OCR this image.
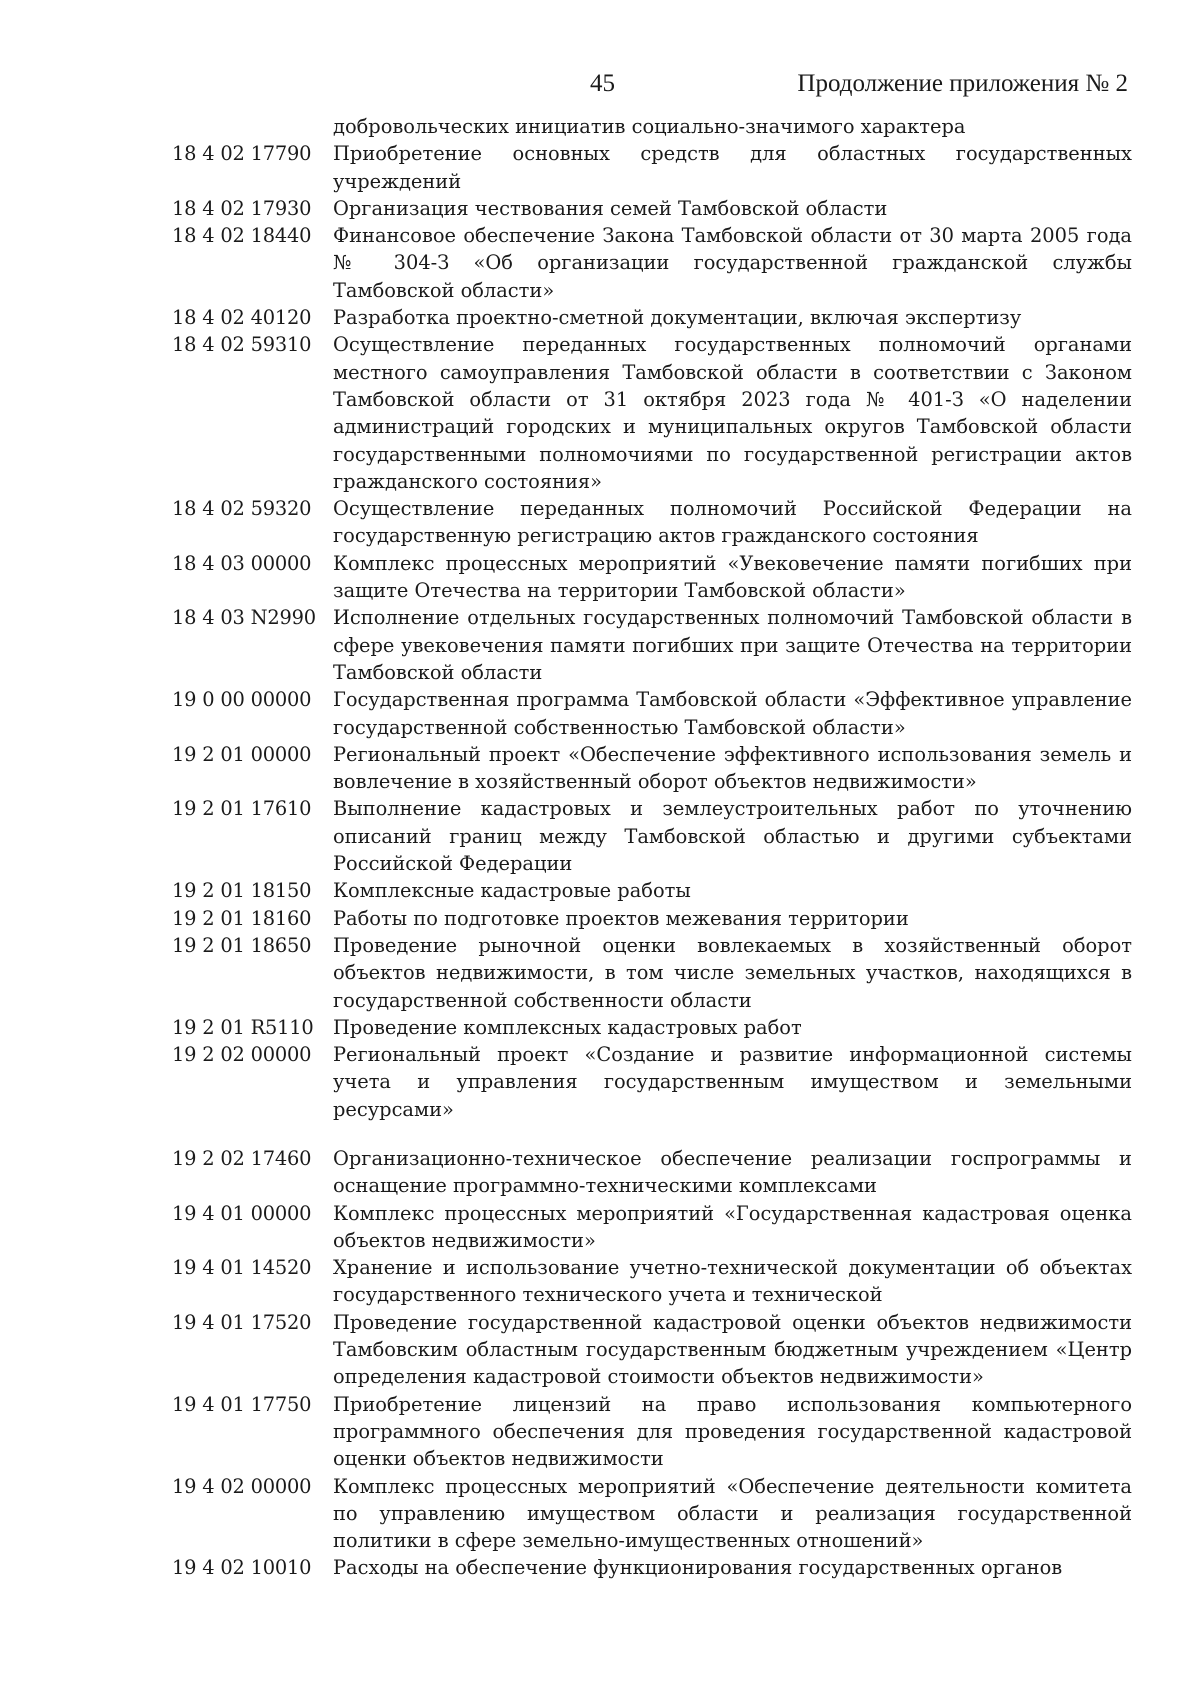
45	Продолжение приложения № 2
добровольческих инициатив социально-значимого характера
18 4 02 17790	Приобретение основных средств для областных государственных учреждений
18 4 02 17930	Организация чествования семей Тамбовской области
18 4 02 18440	Финансовое обеспечение Закона Тамбовской области от 30 марта 2005 года № 304-З «Об организации государственной гражданской службы Тамбовской области»
18 4 02 40120	Разработка проектно-сметной документации, включая экспертизу
18 4 02 59310	Осуществление переданных государственных полномочий органами местного самоуправления Тамбовской области в соответствии с Законом Тамбовской области от 31 октября 2023 года № 401-З «О наделении администраций городских и муниципальных округов Тамбовской области государственными полномочиями по государственной регистрации актов гражданского состояния»
18 4 02 59320	Осуществление переданных полномочий Российской Федерации на государственную регистрацию актов гражданского состояния
18 4 03 00000	Комплекс процессных мероприятий «Увековечение памяти погибших при защите Отечества на территории Тамбовской области»
18 4 03 N2990 Исполнение отдельных государственных полномочий Тамбовской области в сфере увековечения памяти погибших при защите Отечества на территории Тамбовской области
19 0 00 00000	Государственная программа Тамбовской области «Эффективное управление государственной собственностью Тамбовской области»
19 2 01 00000	Региональный проект «Обеспечение эффективного использования земель и вовлечение в хозяйственный оборот объектов недвижимости»
19 2 01 17610	Выполнение кадастровых и землеустроительных работ по уточнению описаний границ между Тамбовской областью и другими субъектами Российской Федерации
19 2 01 18150	Комплексные кадастровые работы
19 2 01 18160	Работы по подготовке проектов межевания территории
19 2 01 18650	Проведение рыночной оценки вовлекаемых в хозяйственный оборот объектов недвижимости, в том числе земельных участков, находящихся в государственной собственности области
19 2 01 R5110	Проведение комплексных кадастровых работ
19 2 02 00000	Региональный проект «Создание и развитие информационной системы учета и управления государственным имуществом и земельными ресурсами»
19 2 02 17460	Организационно-техническое обеспечение реализации госпрограммы и оснащение программно-техническими комплексами
19 4 01 00000	Комплекс процессных мероприятий «Государственная кадастровая оценка объектов недвижимости»
19 4 01 14520	Хранение и использование учетно-технической документации об объектах государственного технического учета и технической
19 4 01 17520	Проведение государственной кадастровой оценки объектов недвижимости Тамбовским областным государственным бюджетным учреждением «Центр определения кадастровой стоимости объектов недвижимости»
19 4 01 17750	Приобретение лицензий на право использования компьютерного программного обеспечения для проведения государственной кадастровой оценки объектов недвижимости
19 4 02 00000	Комплекс процессных мероприятий «Обеспечение деятельности комитета по управлению имуществом области и реализация государственной политики в сфере земельно-имущественных отношений»
19 4 02 10010	Расходы на обеспечение функционирования государственных органов
